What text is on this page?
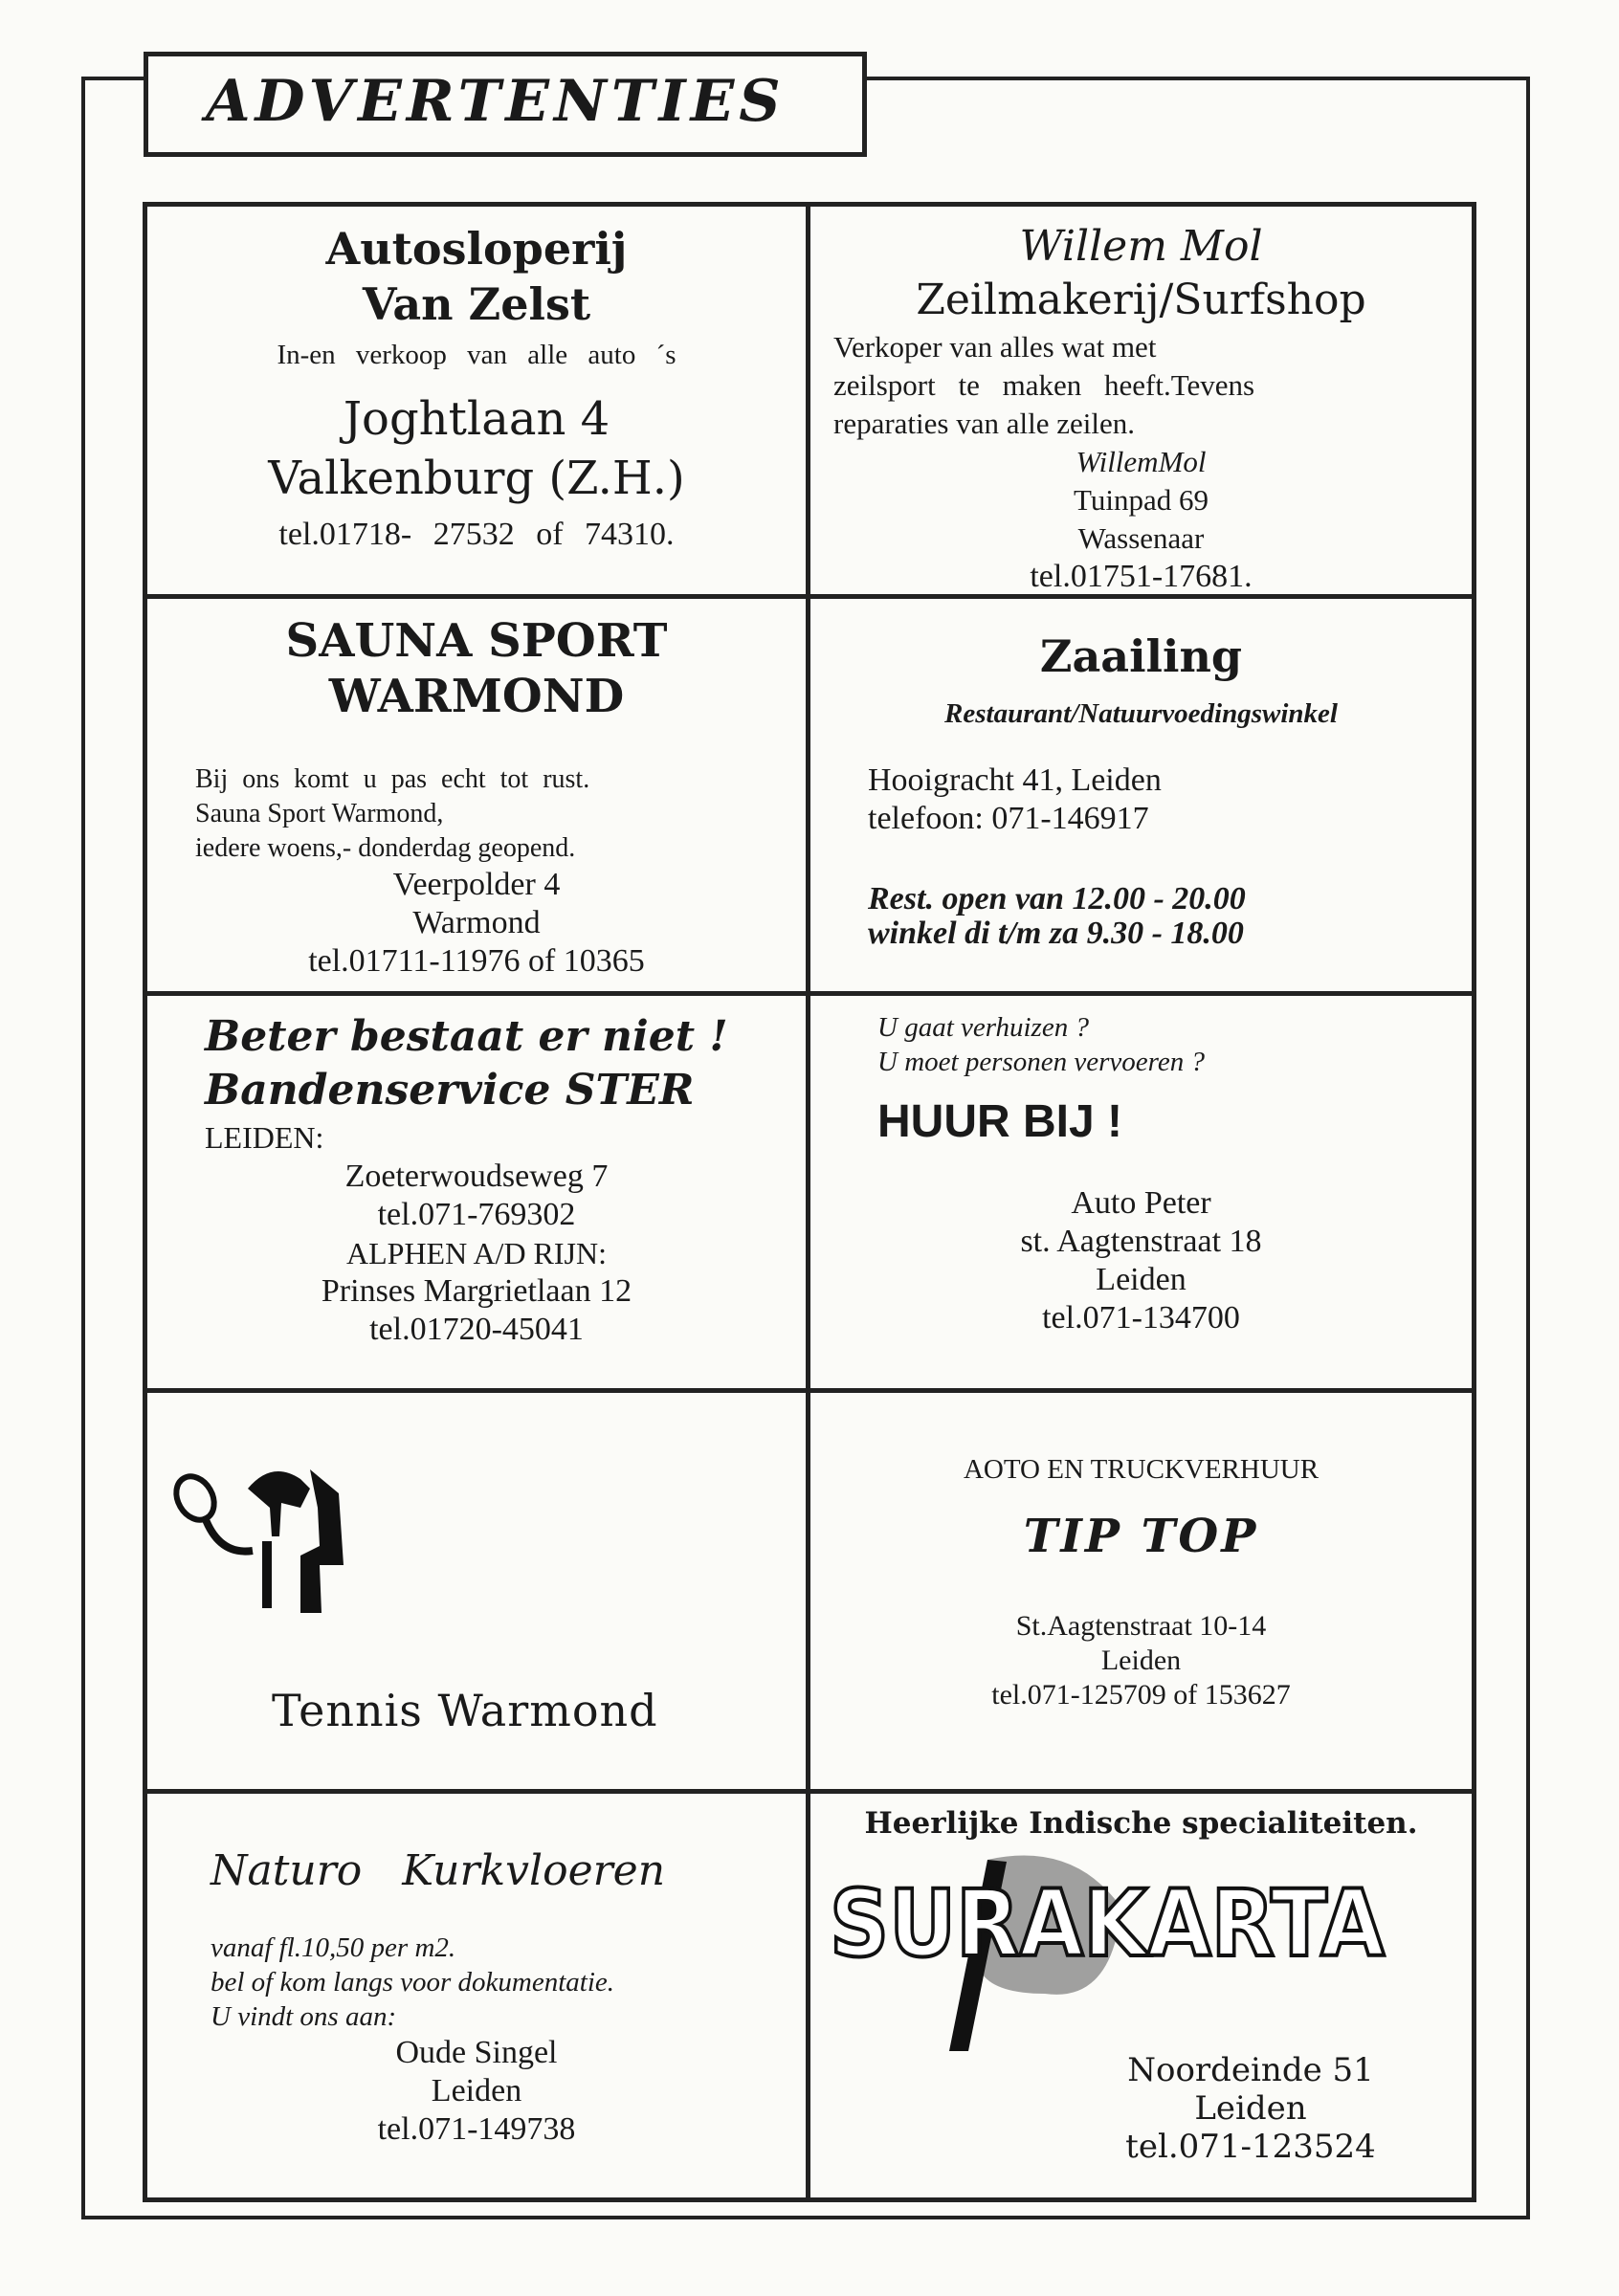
ADVERTENTIES
Autosloperij
Van Zelst
In-en verkoop van alle auto ´s
Joghtlaan 4
Valkenburg (Z.H.)
tel.01718- 27532 of 74310.
Willem Mol
Zeilmakerij/Surfshop
Verkoper van alles wat met
zeilsport te maken heeft.Tevens
reparaties van alle zeilen.
WillemMol
Tuinpad 69
Wassenaar
tel.01751-17681.
SAUNA SPORT
WARMOND
Bij ons komt u pas echt tot rust.
Sauna Sport Warmond,
iedere woens,- donderdag geopend.
Veerpolder 4
Warmond
tel.01711-11976 of 10365
Zaailing
Restaurant/Natuurvoedingswinkel
Hooigracht 41, Leiden
telefoon: 071-146917
Rest. open van 12.00 - 20.00
winkel di t/m za 9.30 - 18.00
Beter bestaat er niet !
Bandenservice STER
LEIDEN:
Zoeterwoudseweg 7
tel.071-769302
ALPHEN A/D RIJN:
Prinses Margrietlaan 12
tel.01720-45041
U gaat verhuizen ?
U moet personen vervoeren ?
HUUR BIJ !
Auto Peter
st. Aagtenstraat 18
Leiden
tel.071-134700
Tennis Warmond
AOTO EN TRUCKVERHUUR
TIP TOP
St.Aagtenstraat 10-14
Leiden
tel.071-125709 of 153627
Naturo   Kurkvloeren
vanaf fl.10,50 per m2.
bel of kom langs voor dokumentatie.
U vindt ons aan:
Oude Singel
Leiden
tel.071-149738
Heerlijke Indische specialiteiten.
SURAKARTA
Noordeinde 51
Leiden
tel.071-123524
